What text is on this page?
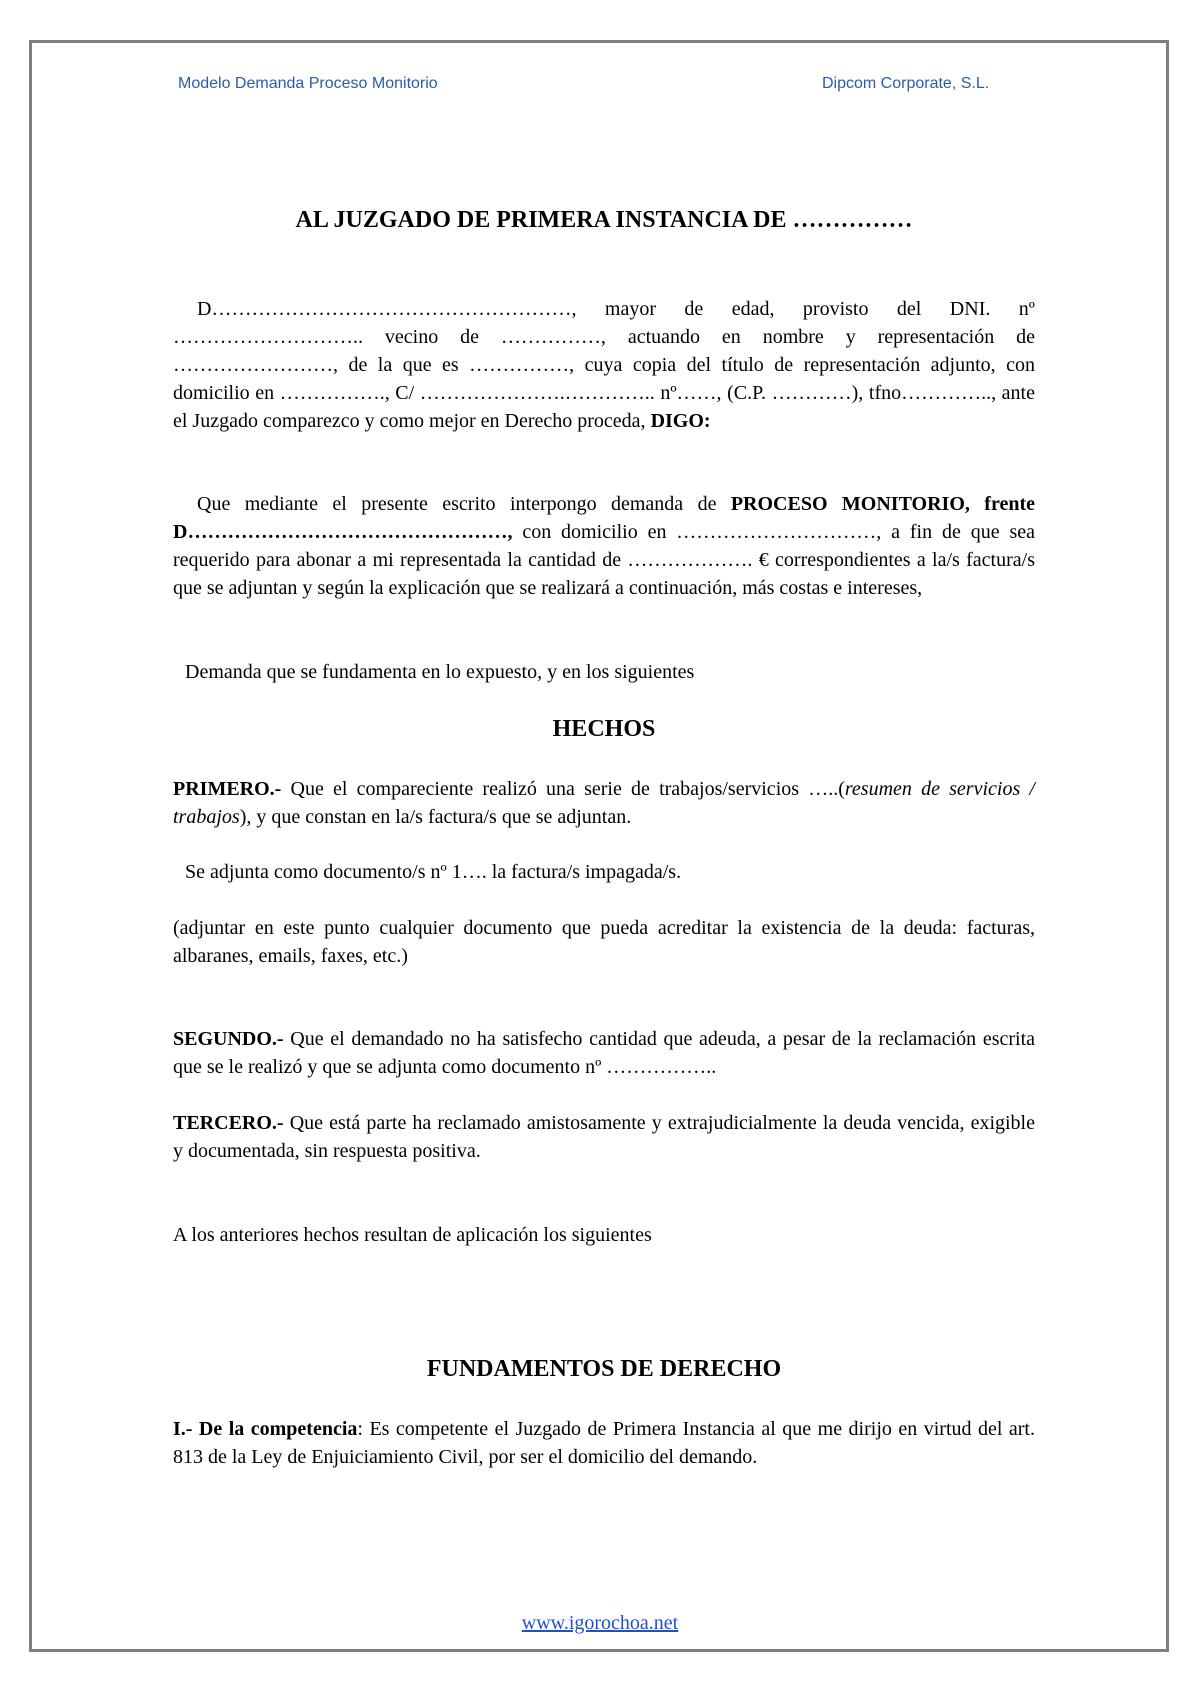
Modelo Demanda Proceso Monitorio	Dipcom Corporate, S.L.
AL JUZGADO DE PRIMERA INSTANCIA DE ……………
D………………………………………………, mayor de edad, provisto del DNI. nº ……………………….. vecino de ……………, actuando en nombre y representación de ……………………, de la que es ……………, cuya copia del título de representación adjunto, con domicilio en ……………., C/ ………………….………….. nº……, (C.P. …………), tfno………….., ante el Juzgado comparezco y como mejor en Derecho proceda, DIGO:
Que mediante el presente escrito interpongo demanda de PROCESO MONITORIO, frente D…………………………………………, con domicilio en …………………………, a fin de que sea requerido para abonar a mi representada la cantidad de ………………. € correspondientes a la/s factura/s que se adjuntan y según la explicación que se realizará a continuación, más costas e intereses,
Demanda que se fundamenta en lo expuesto, y en los siguientes
HECHOS
PRIMERO.- Que el compareciente realizó una serie de trabajos/servicios …..(resumen de servicios / trabajos), y que constan en la/s factura/s que se adjuntan.
Se adjunta como documento/s nº 1…. la factura/s impagada/s.
(adjuntar en este punto cualquier documento que pueda acreditar la existencia de la deuda: facturas, albaranes, emails, faxes, etc.)
SEGUNDO.- Que el demandado no ha satisfecho cantidad que adeuda, a pesar de la reclamación escrita que se le realizó y que se adjunta como documento nº ……………..
TERCERO.- Que está parte ha reclamado amistosamente y extrajudicialmente la deuda vencida, exigible y documentada, sin respuesta positiva.
A los anteriores hechos resultan de aplicación los siguientes
FUNDAMENTOS DE DERECHO
I.- De la competencia: Es competente el Juzgado de Primera Instancia al que me dirijo en virtud del art. 813 de la Ley de Enjuiciamiento Civil, por ser el domicilio del demando.
www.igorochoa.net
